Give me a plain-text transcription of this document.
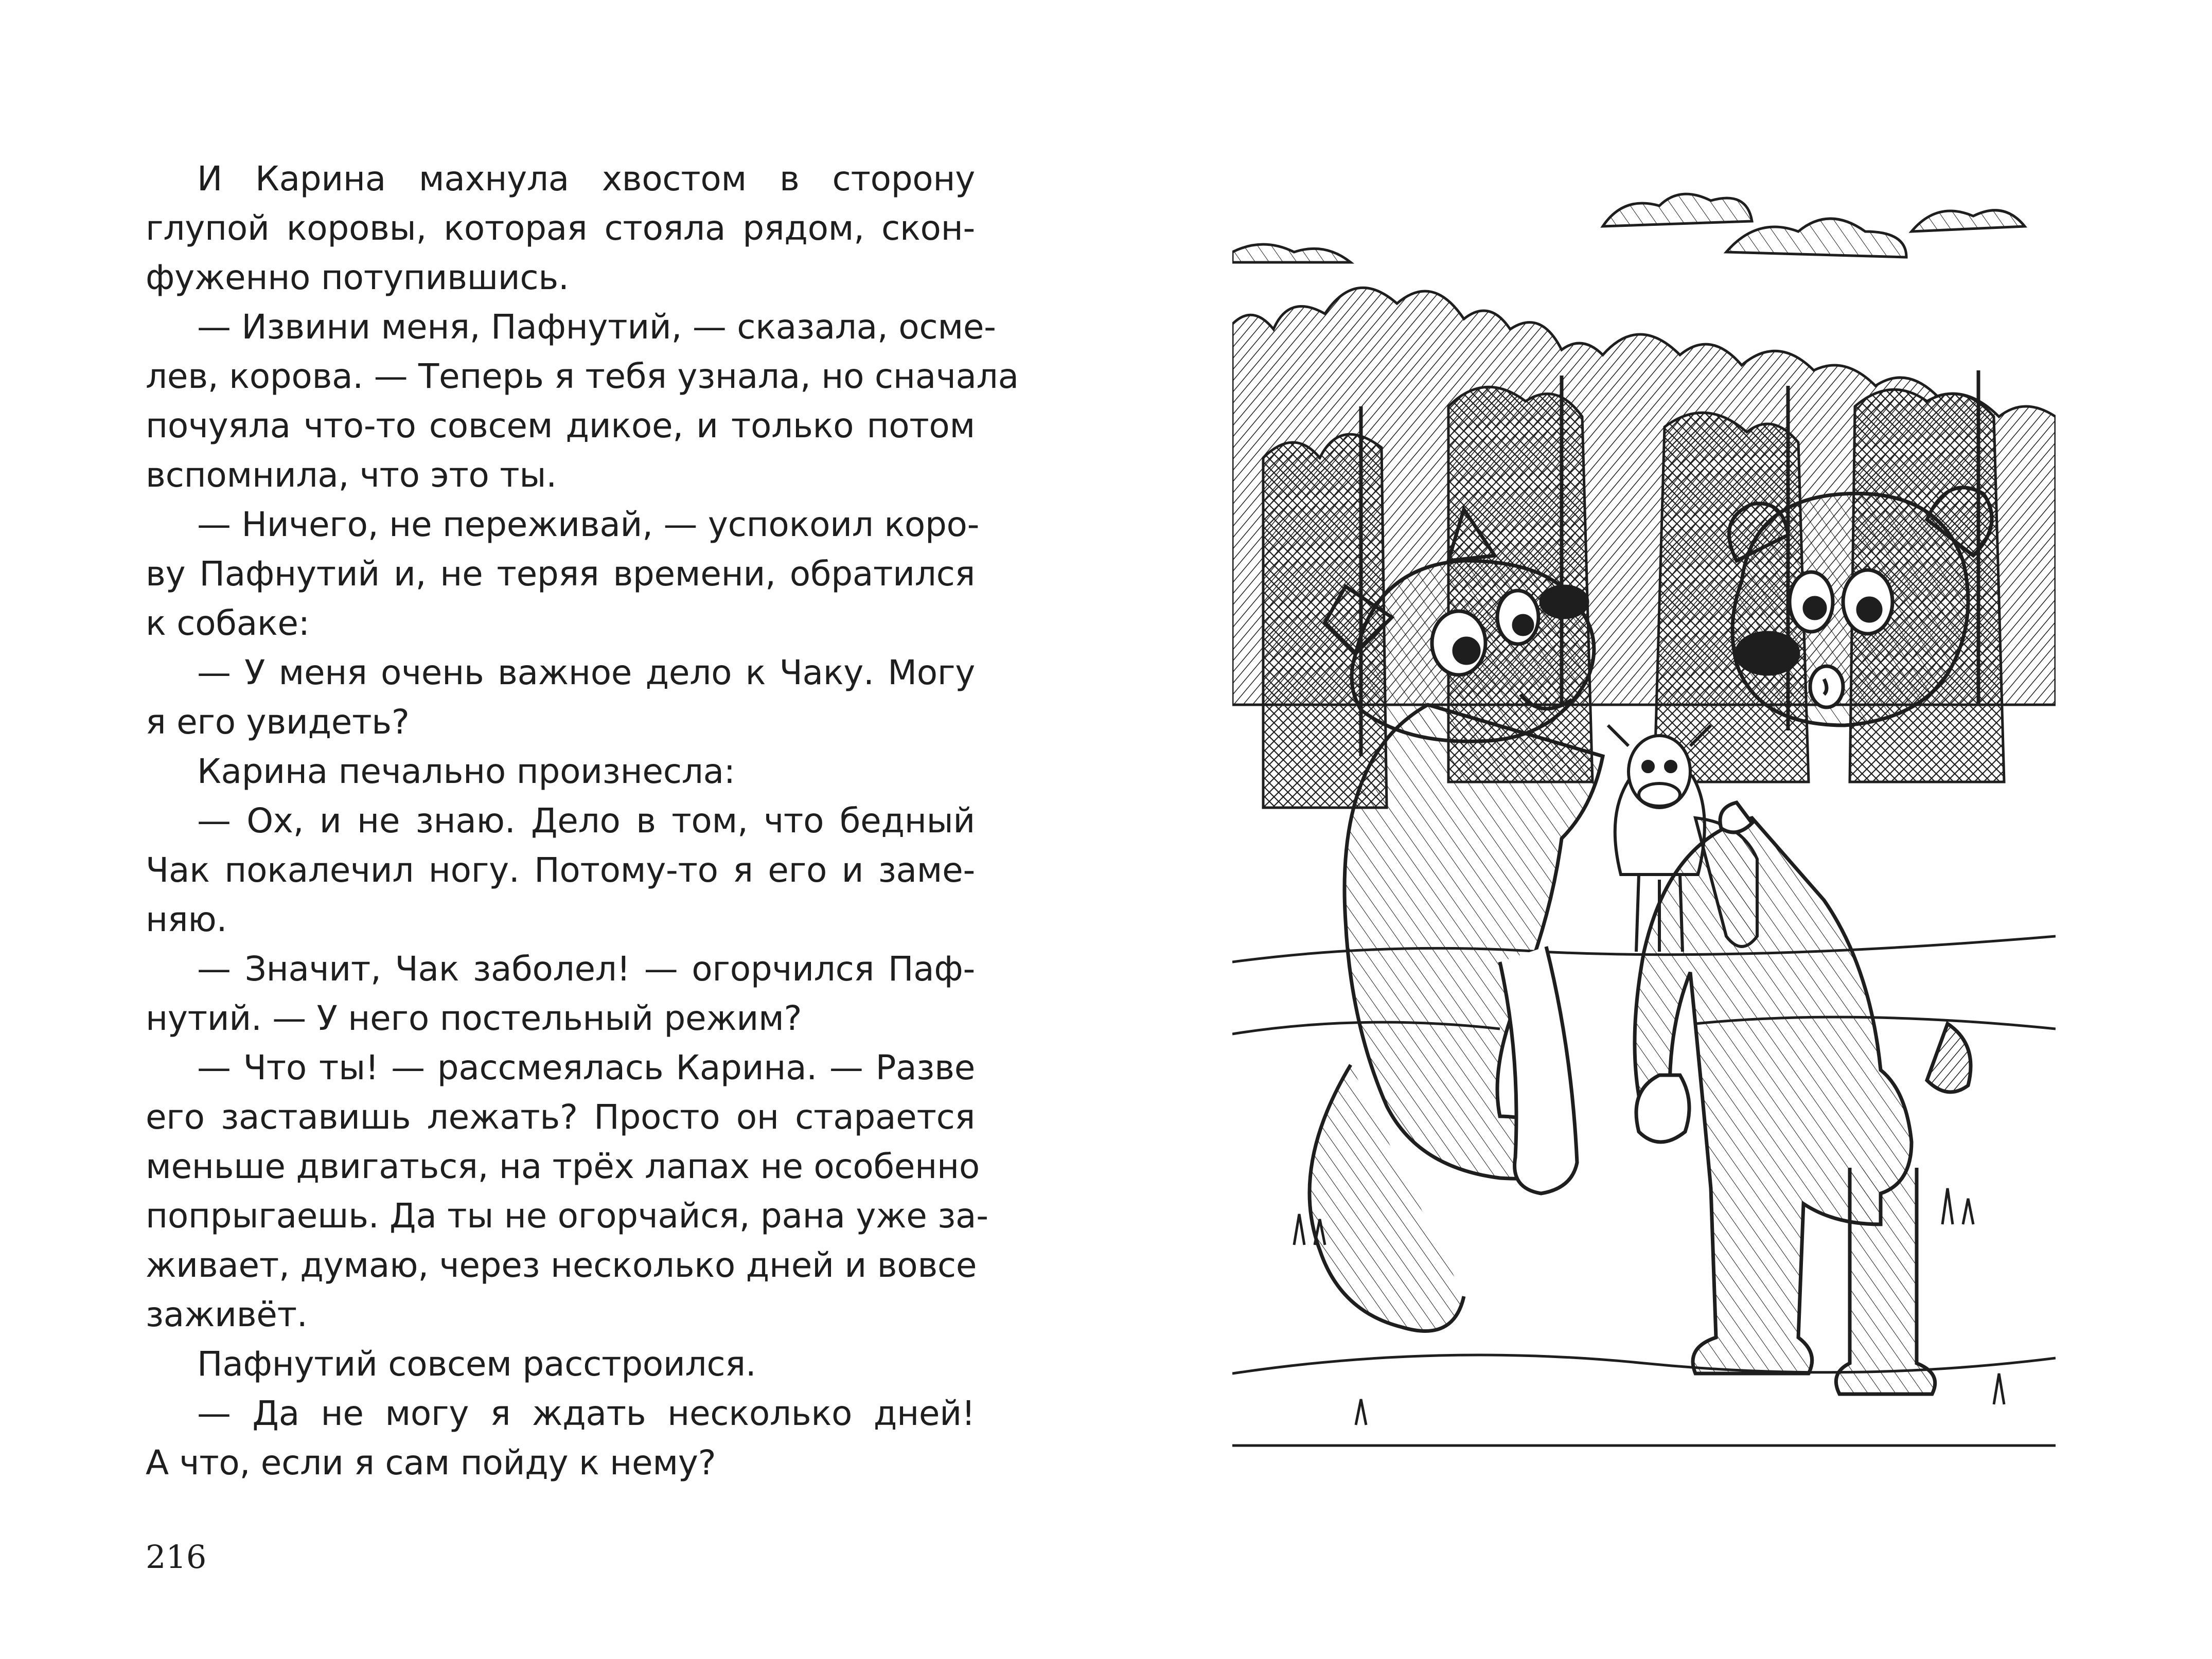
И Карина махнула хвостом в сторону
глупой коровы, которая стояла рядом, скон-
фуженно потупившись.
— Извини меня, Пафнутий, — сказала, осме-
лев, корова. — Теперь я тебя узнала, но сначала
почуяла что-то совсем дикое, и только потом
вспомнила, что это ты.
— Ничего, не переживай, — успокоил коро-
ву Пафнутий и, не теряя времени, обратился
к собаке:
— У меня очень важное дело к Чаку. Могу
я его увидеть?
Карина печально произнесла:
— Ох, и не знаю. Дело в том, что бедный
Чак покалечил ногу. Потому-то я его и заме-
няю.
— Значит, Чак заболел! — огорчился Паф-
нутий. — У него постельный режим?
— Что ты! — рассмеялась Карина. — Разве
его заставишь лежать? Просто он старается
меньше двигаться, на трёх лапах не особенно
попрыгаешь. Да ты не огорчайся, рана уже за-
живает, думаю, через несколько дней и вовсе
заживёт.
Пафнутий совсем расстроился.
— Да не могу я ждать несколько дней!
А что, если я сам пойду к нему?
216
